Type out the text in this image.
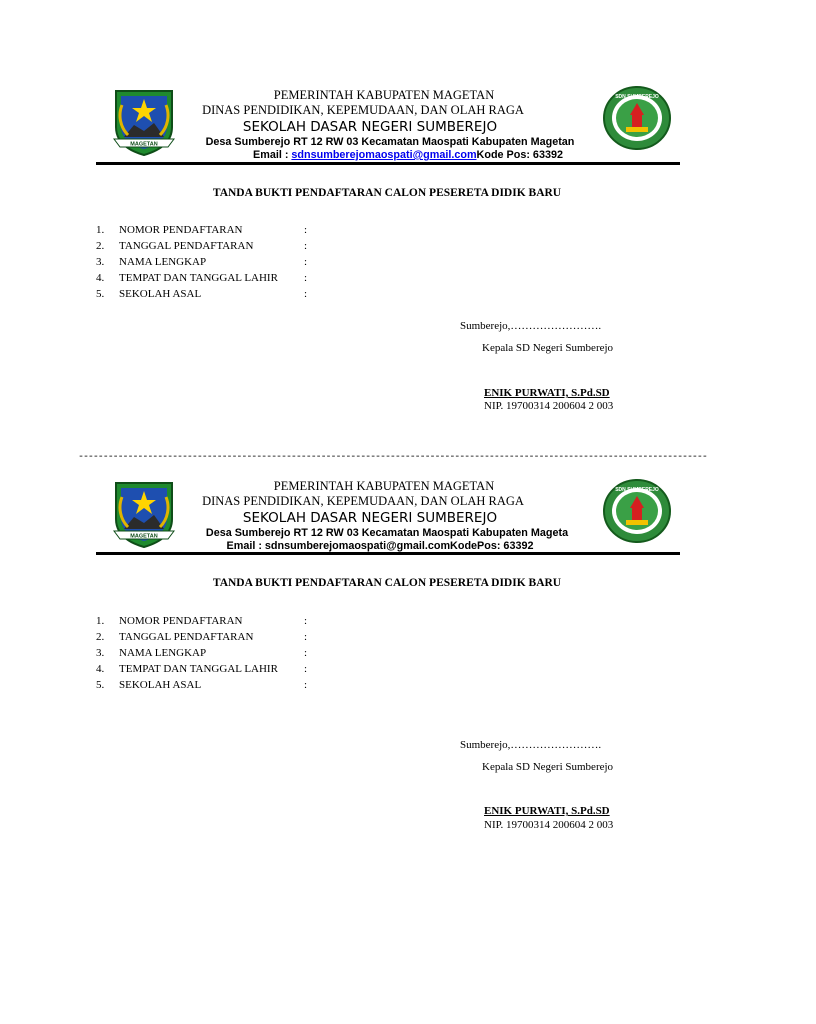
MAGETAN
SDN SUMBEREJO
PEMERINTAH KABUPATEN MAGETAN
DINAS PENDIDIKAN, KEPEMUDAAN, DAN OLAH RAGA
SEKOLAH DASAR NEGERI SUMBEREJO
Desa Sumberejo RT 12 RW 03 Kecamatan Maospati Kabupaten Magetan
Email : sdnsumberejomaospati@gmail.comKode Pos: 63392
TANDA BUKTI PENDAFTARAN CALON PESERETA DIDIK BARU
1. NOMOR PENDAFTARAN	:
2. TANGGAL PENDAFTARAN	:
3. NAMA LENGKAP	:
4. TEMPAT DAN TANGGAL LAHIR :
5. SEKOLAH ASAL	:
Sumberejo,…………………….
Kepala SD Negeri Sumberejo
ENIK PURWATI, S.Pd.SD
NIP. 19700314 200604 2 003
-------------------------------------------------------------------------------------------------------------------------------
MAGETAN
SDN SUMBEREJO
PEMERINTAH KABUPATEN MAGETAN
DINAS PENDIDIKAN, KEPEMUDAAN, DAN OLAH RAGA
SEKOLAH DASAR NEGERI SUMBEREJO
Desa Sumberejo RT 12 RW 03 Kecamatan Maospati Kabupaten Mageta
Email : sdnsumberejomaospati@gmail.comKodePos: 63392
TANDA BUKTI PENDAFTARAN CALON PESERETA DIDIK BARU
1. NOMOR PENDAFTARAN	:
2. TANGGAL PENDAFTARAN	:
3. NAMA LENGKAP	:
4. TEMPAT DAN TANGGAL LAHIR :
5. SEKOLAH ASAL	:
Sumberejo,…………………….
Kepala SD Negeri Sumberejo
ENIK PURWATI, S.Pd.SD
NIP. 19700314 200604 2 003
